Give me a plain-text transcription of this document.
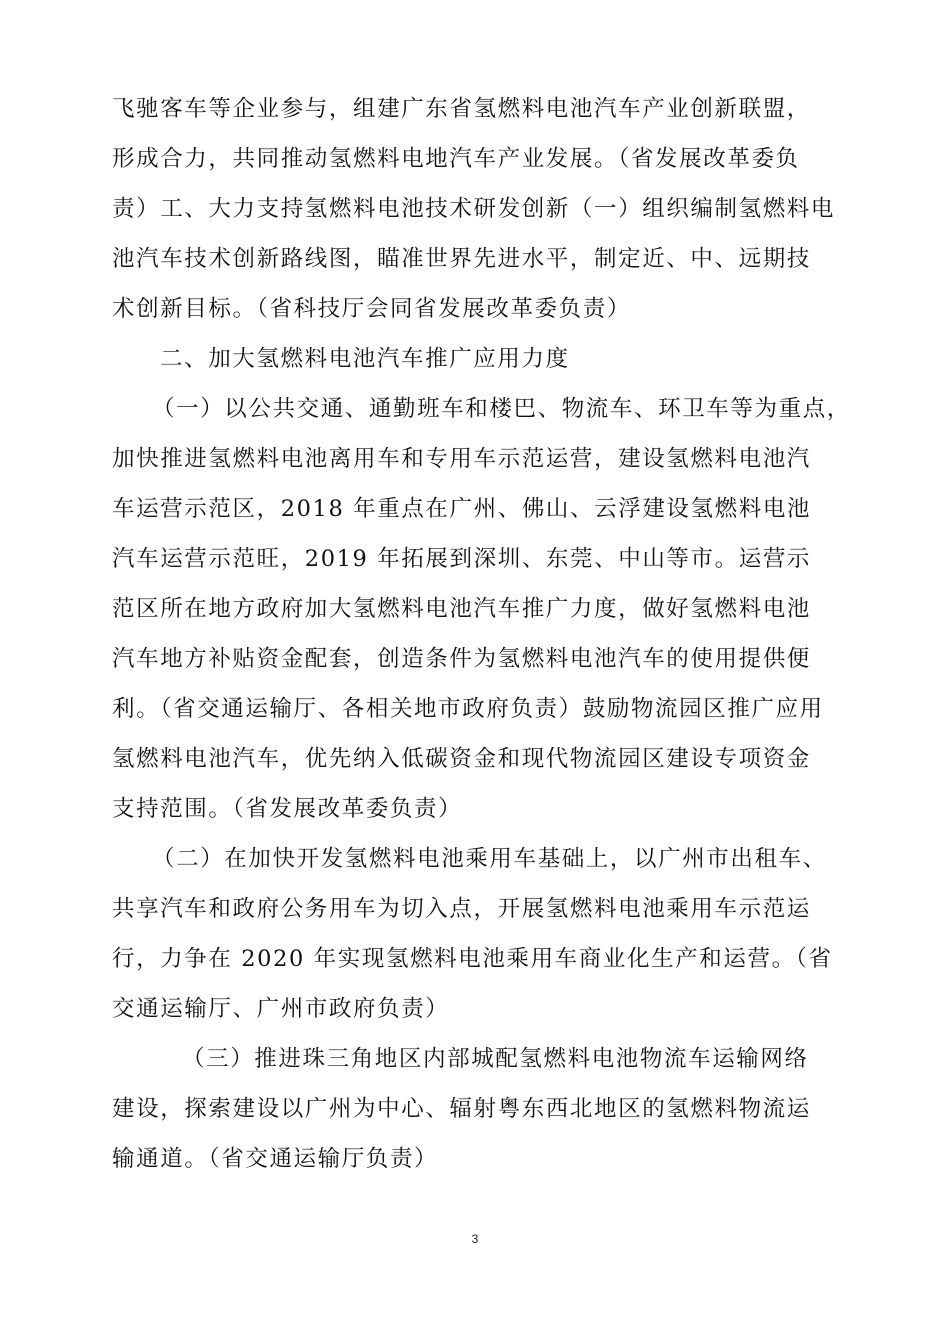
飞驰客车等企业参与，组建广东省氢燃料电池汽车产业创新联盟，
形成合力，共同推动氢燃料电地汽车产业发展。（省发展改革委负
责）工、大力支持氢燃料电池技术研发创新（一）组织编制氢燃料电
池汽车技术创新路线图，瞄准世界先进水平，制定近、中、远期技
术创新目标。（省科技厅会同省发展改革委负责）
二、加大氢燃料电池汽车推广应用力度
（一）以公共交通、通勤班车和楼巴、物流车、环卫车等为重点，
加快推进氢燃料电池离用车和专用车示范运营，建设氢燃料电池汽
车运营示范区，2018 年重点在广州、佛山、云浮建设氢燃料电池
汽车运营示范旺，2019 年拓展到深圳、东莞、中山等市。运营示
范区所在地方政府加大氢燃料电池汽车推广力度，做好氢燃料电池
汽车地方补贴资金配套，创造条件为氢燃料电池汽车的使用提供便
利。（省交通运输厅、各相关地市政府负责）鼓励物流园区推广应用
氢燃料电池汽车，优先纳入低碳资金和现代物流园区建设专项资金
支持范围。（省发展改革委负责）
（二）在加快开发氢燃料电池乘用车基础上，以广州市出租车、
共享汽车和政府公务用车为切入点，开展氢燃料电池乘用车示范运
行，力争在 2020 年实现氢燃料电池乘用车商业化生产和运营。（省
交通运输厅、广州市政府负责）
（三）推进珠三角地区内部城配氢燃料电池物流车运输网络
建设，探索建设以广州为中心、辐射粤东西北地区的氢燃料物流运
输通道。（省交通运输厅负责）
3
